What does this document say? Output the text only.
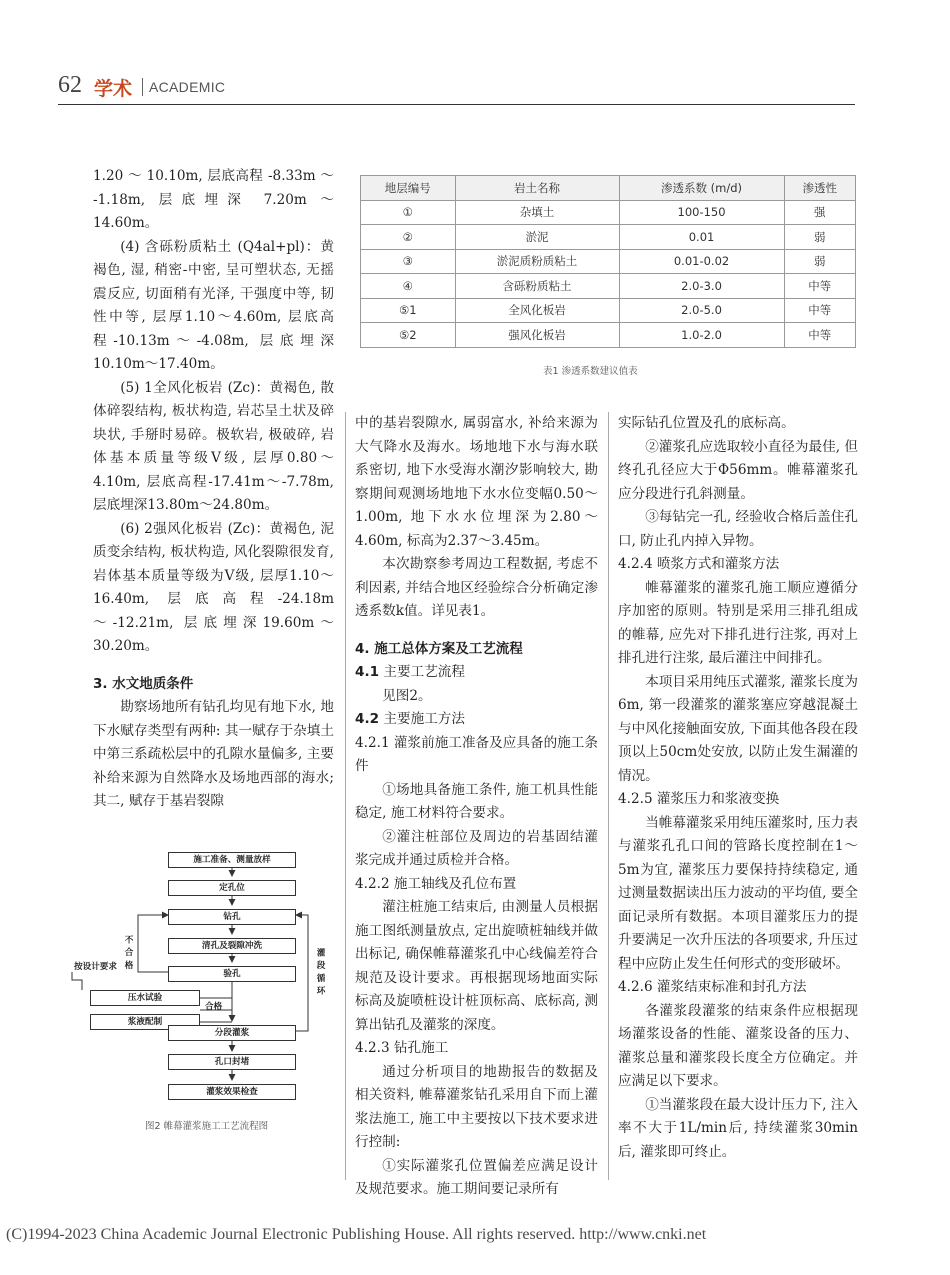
62 学术 ACADEMIC

1.20 ～ 10.10m, 层底高程 -8.33m ～ -1.18m, 层底埋深 7.20m ～ 14.60m。

(4) 含砾粉质粘土 (Q4al+pl)：黄褐色, 湿, 稍密-中密, 呈可塑状态, 无摇震反应, 切面稍有光泽, 干强度中等, 韧性中等, 层厚1.10～4.60m, 层底高程-10.13m～-4.08m, 层底埋深10.10m～17.40m。

(5) 1全风化板岩 (Zc)：黄褐色, 散体碎裂结构, 板状构造, 岩芯呈土状及碎块状, 手掰时易碎。极软岩, 极破碎, 岩体基本质量等级Ⅴ级, 层厚0.80～4.10m, 层底高程-17.41m～-7.78m, 层底埋深13.80m～24.80m。

(6) 2强风化板岩 (Zc)：黄褐色, 泥质变余结构, 板状构造, 风化裂隙很发育, 岩体基本质量等级为Ⅴ级, 层厚1.10～16.40m, 层底高程-24.18m～-12.21m, 层底埋深19.60m～30.20m。

3. 水文地质条件

勘察场地所有钻孔均见有地下水, 地下水赋存类型有两种: 其一赋存于杂填土中第三系疏松层中的孔隙水量偏多, 主要补给来源为自然降水及场地西部的海水; 其二, 赋存于基岩裂隙

中的基岩裂隙水, 属弱富水, 补给来源为大气降水及海水。场地地下水与海水联系密切, 地下水受海水潮汐影响较大, 勘察期间观测场地地下水水位变幅0.50～1.00m, 地下水水位埋深为2.80～4.60m, 标高为2.37～3.45m。

本次勘察参考周边工程数据, 考虑不利因素, 并结合地区经验综合分析确定渗透系数k值。详见表1。

4. 施工总体方案及工艺流程

4.1 主要工艺流程

见图2。

4.2 主要施工方法

4.2.1 灌浆前施工准备及应具备的施工条件

①场地具备施工条件, 施工机具性能稳定, 施工材料符合要求。

②灌注桩部位及周边的岩基固结灌浆完成并通过质检并合格。

4.2.2 施工轴线及孔位布置

灌注桩施工结束后, 由测量人员根据施工图纸测量放点, 定出旋喷桩轴线并做出标记, 确保帷幕灌浆孔中心线偏差符合规范及设计要求。再根据现场地面实际标高及旋喷桩设计桩顶标高、底标高, 测算出钻孔及灌浆的深度。

4.2.3 钻孔施工

通过分析项目的地勘报告的数据及相关资料, 帷幕灌浆钻孔采用自下而上灌浆法施工, 施工中主要按以下技术要求进行控制:

①实际灌浆孔位置偏差应满足设计及规范要求。施工期间要记录所有

实际钻孔位置及孔的底标高。

②灌浆孔应选取较小直径为最佳, 但终孔孔径应大于Φ56mm。帷幕灌浆孔应分段进行孔斜测量。

③每钻完一孔, 经验收合格后盖住孔口, 防止孔内掉入异物。

4.2.4 喷浆方式和灌浆方法

帷幕灌浆的灌浆孔施工顺应遵循分序加密的原则。特别是采用三排孔组成的帷幕, 应先对下排孔进行注浆, 再对上排孔进行注浆, 最后灌注中间排孔。

本项目采用纯压式灌浆, 灌浆长度为6m, 第一段灌浆的灌浆塞应穿越混凝土与中风化接触面安放, 下面其他各段在段顶以上50cm处安放, 以防止发生漏灌的情况。

4.2.5 灌浆压力和浆液变换

当帷幕灌浆采用纯压灌浆时, 压力表与灌浆孔孔口间的管路长度控制在1～5m为宜, 灌浆压力要保持持续稳定, 通过测量数据读出压力波动的平均值, 要全面记录所有数据。本项目灌浆压力的提升要满足一次升压法的各项要求, 升压过程中应防止发生任何形式的变形破坏。

4.2.6 灌浆结束标准和封孔方法

各灌浆段灌浆的结束条件应根据现场灌浆设备的性能、灌浆设备的压力、灌浆总量和灌浆段长度全方位确定。并应满足以下要求。

①当灌浆段在最大设计压力下, 注入率不大于1L/min后, 持续灌浆30min后, 灌浆即可终止。

地层编号	岩土名称	渗透系数 (m/d)	渗透性
①	杂填土	100-150	强
②	淤泥	0.01	弱
③	淤泥质粉质粘土	0.01-0.02	弱
④	含砾粉质粘土	2.0-3.0	中等
⑤1	全风化板岩	2.0-5.0	中等
⑤2	强风化板岩	1.0-2.0	中等
表1 渗透系数建议值表
施工准备、测量放样
定孔位
钻孔
清孔及裂隙冲洗
验孔
压水试验
浆液配制
分段灌浆
孔口封堵
灌浆效果检查
不合格	灌段循环
按设计要求
合格
图2 帷幕灌浆施工工艺流程图
(C)1994-2023 China Academic Journal Electronic Publishing House. All rights reserved. http://www.cnki.net
